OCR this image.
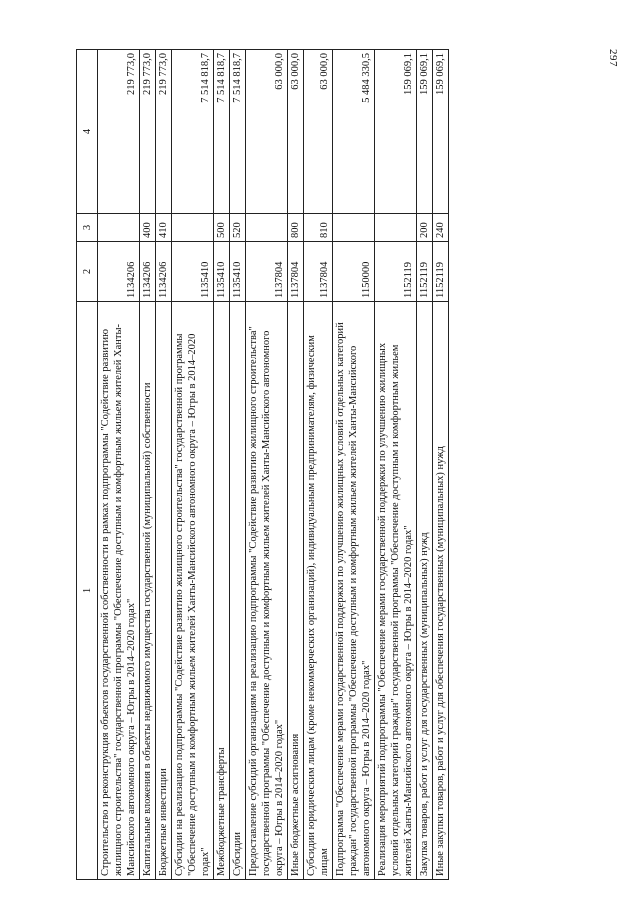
297
1	2	3	4
Строительство и реконструкция объектов государственной собственности в рамках подпрограммы "Содействие развитию жилищного строительства" государственной программы "Обеспечение доступным и комфортным жильем жителей Ханты-Мансийского автономного округа – Югры в 2014–2020 годах"	1134206		219 773,0
Капитальные вложения в объекты недвижимого имущества государственной (муниципальной) собственности	1134206	400	219 773,0
Бюджетные инвестиции	1134206	410	219 773,0
Субсидии на реализацию подпрограммы "Содействие развитию жилищного строительства" государственной программы "Обеспечение доступным и комфортным жильем жителей Ханты-Мансийского автономного округа – Югры в 2014–2020 годах"	1135410		7 514 818,7
Межбюджетные трансферты	1135410	500	7 514 818,7
Субсидии	1135410	520	7 514 818,7
Предоставление субсидий организациям на реализацию подпрограммы "Содействие развитию жилищного строительства" государственной программы "Обеспечение доступным и комфортным жильем жителей Ханты-Мансийского автономного округа – Югры в 2014–2020 годах"	1137804		63 000,0
Иные бюджетные ассигнования	1137804	800	63 000,0
Субсидии юридическим лицам (кроме некоммерческих организаций), индивидуальным предпринимателям, физическим лицам	1137804	810	63 000,0
Подпрограмма "Обеспечение мерами государственной поддержки по улучшению жилищных условий отдельных категорий граждан" государственной программы "Обеспечение доступным и комфортным жильем жителей Ханты-Мансийского автономного округа – Югры в 2014–2020 годах"	1150000		5 484 330,5
Реализация мероприятий подпрограммы "Обеспечение мерами государственной поддержки по улучшению жилищных условий отдельных категорий граждан" государственной программы "Обеспечение доступным и комфортным жильем жителей Ханты-Мансийского автономного округа – Югры в 2014–2020 годах"	1152119		159 069,1
Закупка товаров, работ и услуг для государственных (муниципальных) нужд	1152119	200	159 069,1
Иные закупки товаров, работ и услуг для обеспечения государственных (муниципальных) нужд	1152119	240	159 069,1
